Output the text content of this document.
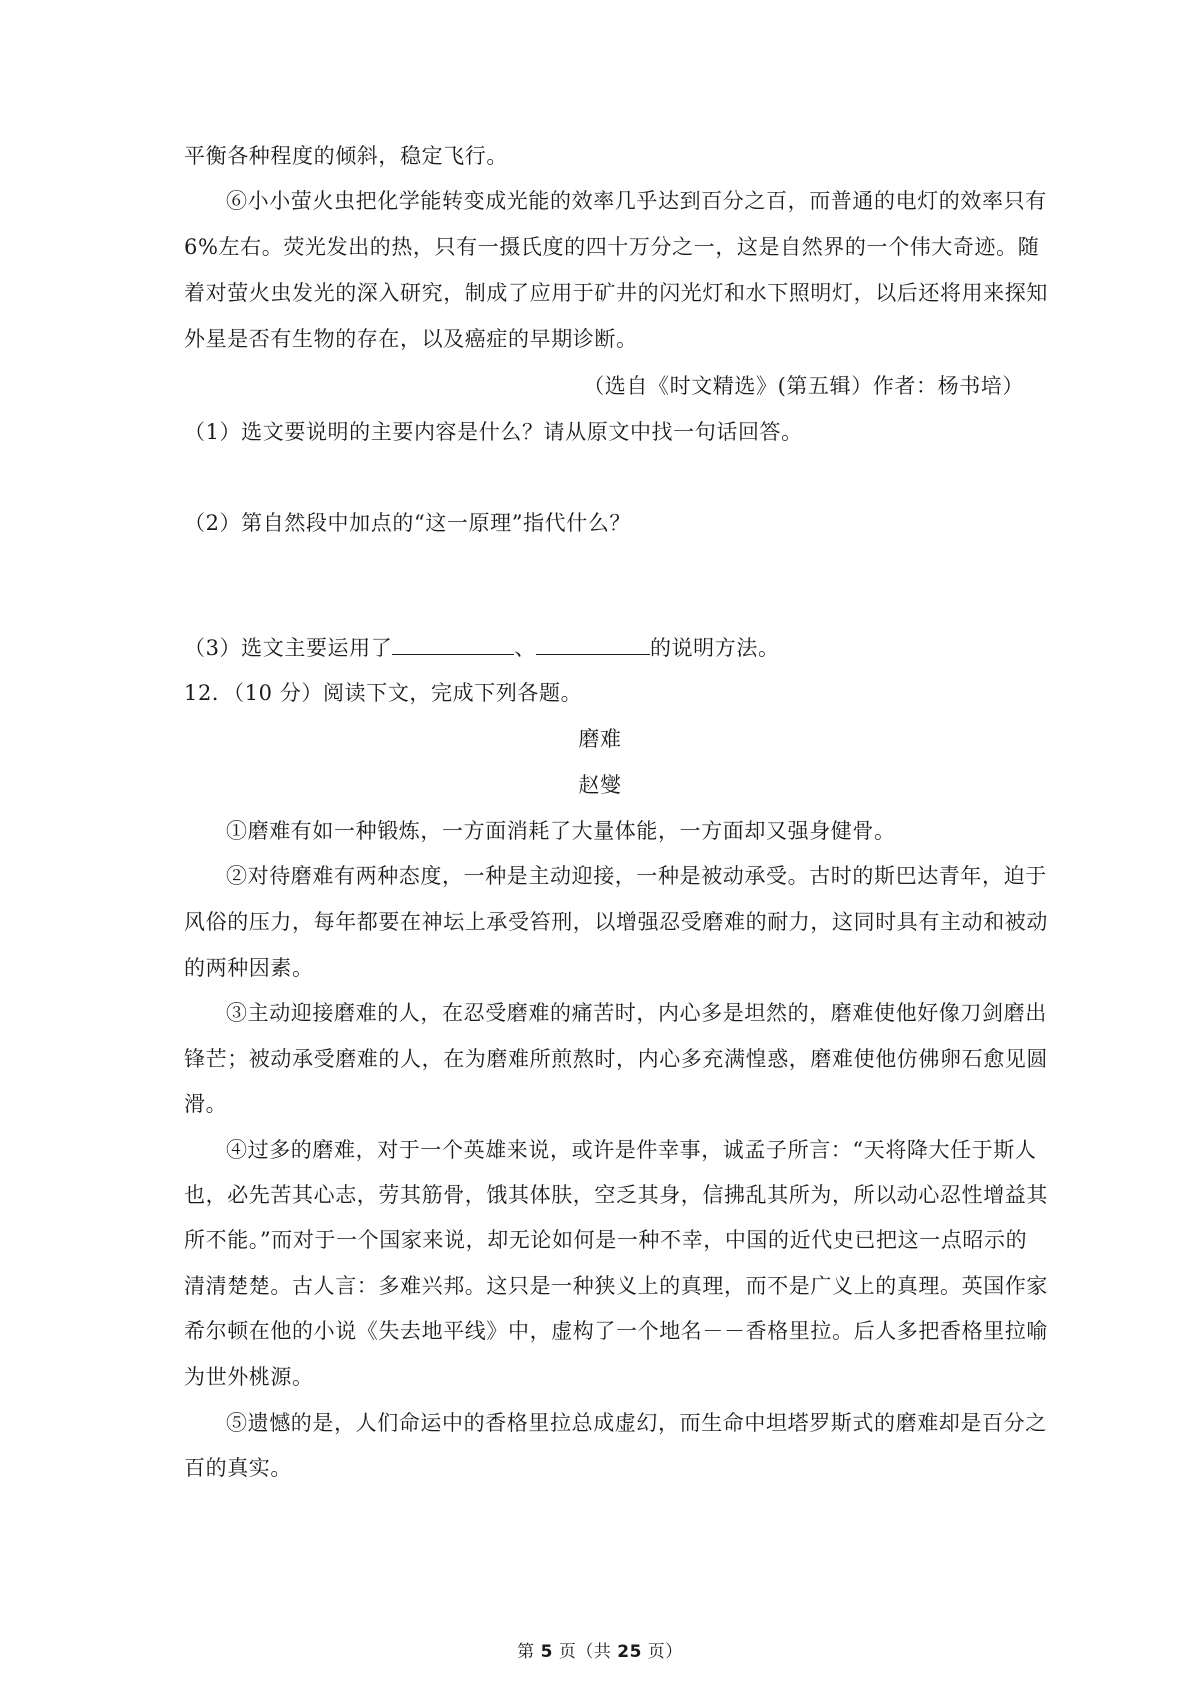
平衡各种程度的倾斜，稳定飞行。
⑥小小萤火虫把化学能转变成光能的效率几乎达到百分之百，而普通的电灯的效率只有
6%左右。荧光发出的热，只有一摄氏度的四十万分之一，这是自然界的一个伟大奇迹。随
着对萤火虫发光的深入研究，制成了应用于矿井的闪光灯和水下照明灯，以后还将用来探知
外星是否有生物的存在，以及癌症的早期诊断。
（选自《时文精选》(第五辑）作者：杨书培）
（1）选文要说明的主要内容是什么？请从原文中找一句话回答。
（2）第自然段中加点的“这一原理”指代什么？
（3）选文主要运用了	、	的说明方法。
12．（10 分）阅读下文，完成下列各题。
磨难
赵燮
①磨难有如一种锻炼，一方面消耗了大量体能，一方面却又强身健骨。
②对待磨难有两种态度，一种是主动迎接，一种是被动承受。古时的斯巴达青年，迫于
风俗的压力，每年都要在神坛上承受笞刑，以增强忍受磨难的耐力，这同时具有主动和被动
的两种因素。
③主动迎接磨难的人，在忍受磨难的痛苦时，内心多是坦然的，磨难使他好像刀剑磨出
锋芒；被动承受磨难的人，在为磨难所煎熬时，内心多充满惶惑，磨难使他仿佛卵石愈见圆
滑。
④过多的磨难，对于一个英雄来说，或许是件幸事，诚孟子所言：“天将降大任于斯人
也，必先苦其心志，劳其筋骨，饿其体肤，空乏其身，信拂乱其所为，所以动心忍性增益其
所不能。”而对于一个国家来说，却无论如何是一种不幸，中国的近代史已把这一点昭示的
清清楚楚。古人言：多难兴邦。这只是一种狭义上的真理，而不是广义上的真理。英国作家
希尔顿在他的小说《失去地平线》中，虚构了一个地名－－香格里拉。后人多把香格里拉喻
为世外桃源。
⑤遗憾的是，人们命运中的香格里拉总成虚幻，而生命中坦塔罗斯式的磨难却是百分之
百的真实。
第 5 页（共 25 页）
